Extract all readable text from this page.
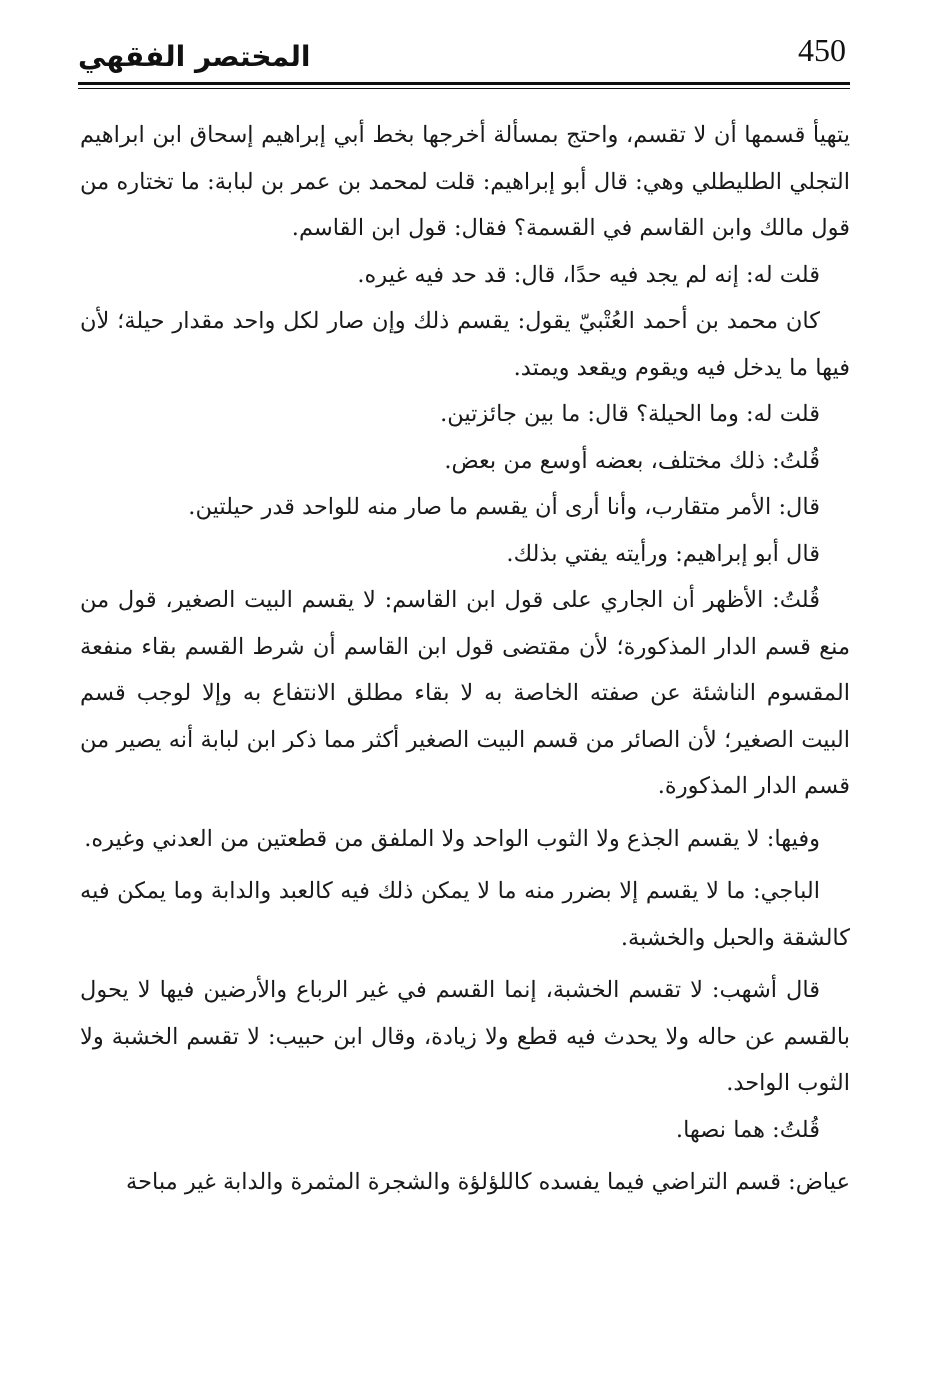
المختصر الفقهي	450

يتهيأ قسمها أن لا تقسم، واحتج بمسألة أخرجها بخط أبي إبراهيم إسحاق ابن ابراهيم التجلي الطليطلي وهي: قال أبو إبراهيم: قلت لمحمد بن عمر بن لبابة: ما تختاره من قول مالك وابن القاسم في القسمة؟ فقال: قول ابن القاسم.

قلت له: إنه لم يجد فيه حدًا، قال: قد حد فيه غيره.

كان محمد بن أحمد العُتْبيّ يقول: يقسم ذلك وإن صار لكل واحد مقدار حيلة؛ لأن فيها ما يدخل فيه ويقوم ويقعد ويمتد.

قلت له: وما الحيلة؟ قال: ما بين جائزتين.

قُلتُ: ذلك مختلف، بعضه أوسع من بعض.

قال: الأمر متقارب، وأنا أرى أن يقسم ما صار منه للواحد قدر حيلتين.

قال أبو إبراهيم: ورأيته يفتي بذلك.

قُلتُ: الأظهر أن الجاري على قول ابن القاسم: لا يقسم البيت الصغير، قول من منع قسم الدار المذكورة؛ لأن مقتضى قول ابن القاسم أن شرط القسم بقاء منفعة المقسوم الناشئة عن صفته الخاصة به لا بقاء مطلق الانتفاع به وإلا لوجب قسم البيت الصغير؛ لأن الصائر من قسم البيت الصغير أكثر مما ذكر ابن لبابة أنه يصير من قسم الدار المذكورة.

وفيها: لا يقسم الجذع ولا الثوب الواحد ولا الملفق من قطعتين من العدني وغيره.

الباجي: ما لا يقسم إلا بضرر منه ما لا يمكن ذلك فيه كالعبد والدابة وما يمكن فيه كالشقة والحبل والخشبة.

قال أشهب: لا تقسم الخشبة، إنما القسم في غير الرباع والأرضين فيها لا يحول بالقسم عن حاله ولا يحدث فيه قطع ولا زيادة، وقال ابن حبيب: لا تقسم الخشبة ولا الثوب الواحد.

قُلتُ: هما نصها.

عياض: قسم التراضي فيما يفسده كاللؤلؤة والشجرة المثمرة والدابة غير مباحة
